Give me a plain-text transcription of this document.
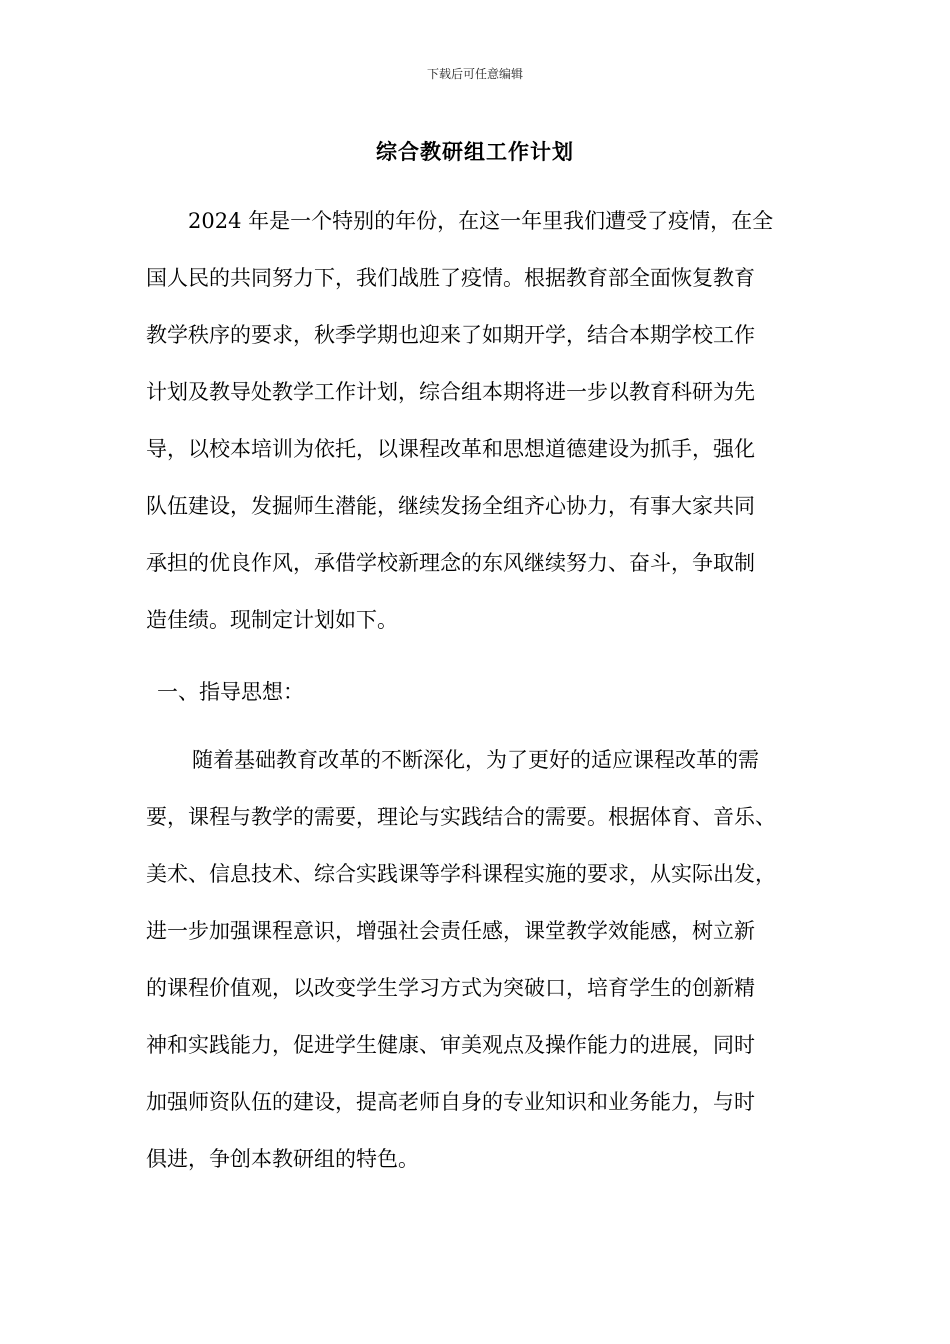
下载后可任意编辑
综合教研组工作计划
2024 年是一个特别的年份，在这一年里我们遭受了疫情，在全
国人民的共同努力下，我们战胜了疫情。根据教育部全面恢复教育
教学秩序的要求，秋季学期也迎来了如期开学，结合本期学校工作
计划及教导处教学工作计划，综合组本期将进一步以教育科研为先
导，以校本培训为依托，以课程改革和思想道德建设为抓手，强化
队伍建设，发掘师生潜能，继续发扬全组齐心协力，有事大家共同
承担的优良作风，承借学校新理念的东风继续努力、奋斗，争取制
造佳绩。现制定计划如下。
一、指导思想：
随着基础教育改革的不断深化，为了更好的适应课程改革的需
要，课程与教学的需要，理论与实践结合的需要。根据体育、音乐、
美术、信息技术、综合实践课等学科课程实施的要求，从实际出发，
进一步加强课程意识，增强社会责任感，课堂教学效能感，树立新
的课程价值观，以改变学生学习方式为突破口，培育学生的创新精
神和实践能力，促进学生健康、审美观点及操作能力的进展，同时
加强师资队伍的建设，提高老师自身的专业知识和业务能力，与时
俱进，争创本教研组的特色。
